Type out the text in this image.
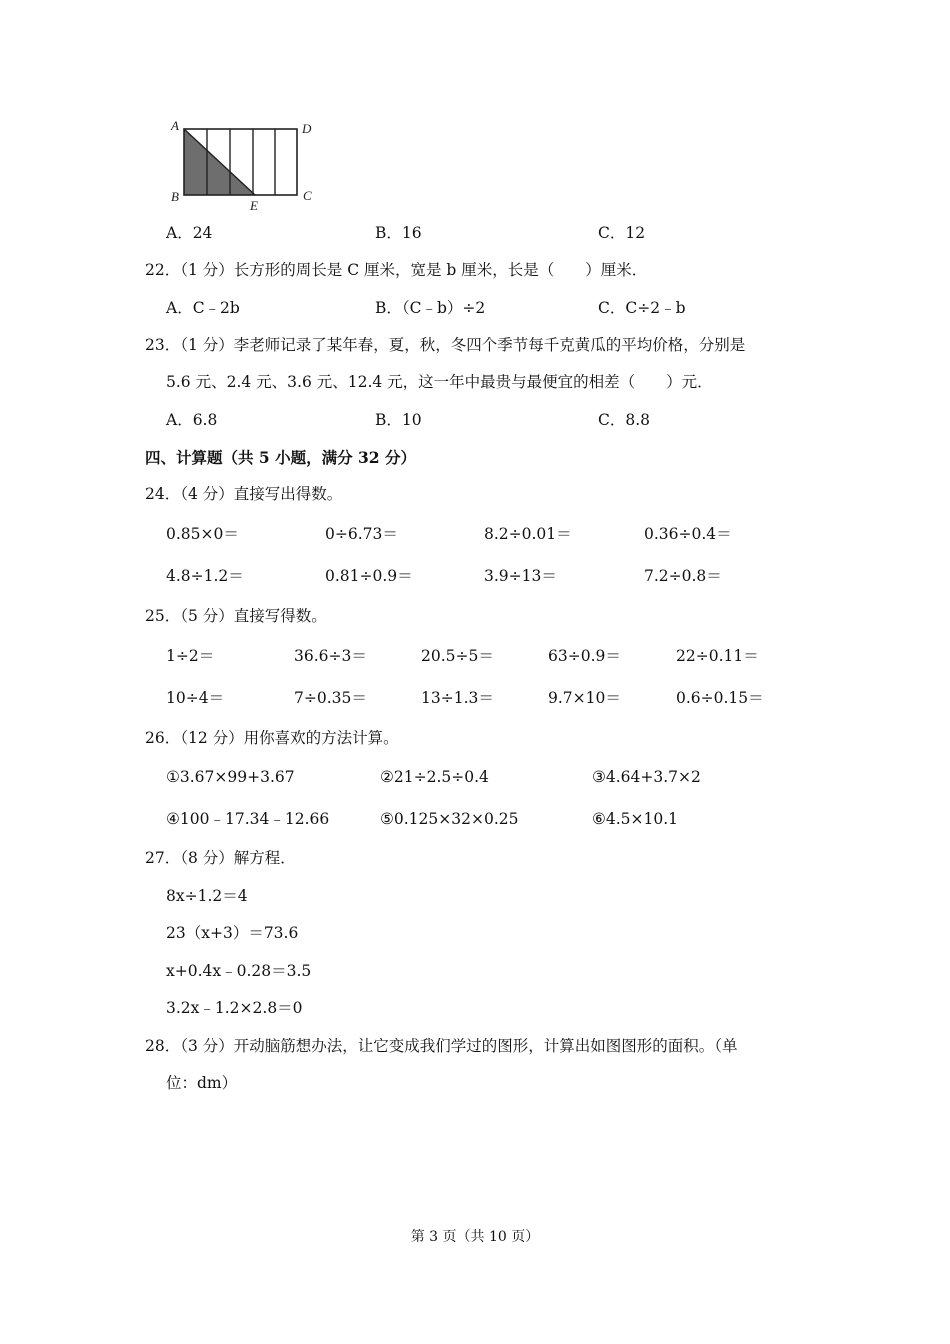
A
B	C
D
E
A．24	B．16	C．12
22．（1 分）长方形的周长是 C 厘米，宽是 b 厘米，长是（　　）厘米．
A．C﹣2b	B．（C﹣b）÷2	C．C÷2﹣b
23．（1 分）李老师记录了某年春，夏，秋，冬四个季节每千克黄瓜的平均价格，分别是
5.6 元、2.4 元、3.6 元、12.4 元，这一年中最贵与最便宜的相差（　　）元．
A．6.8	B．10	C．8.8
四、计算题（共 5 小题，满分 32 分）
24．（4 分）直接写出得数。
0.85×0＝	0÷6.73＝	8.2÷0.01＝	0.36÷0.4＝
4.8÷1.2＝	0.81÷0.9＝	3.9÷13＝	7.2÷0.8＝
25．（5 分）直接写得数。
1÷2＝	36.6÷3＝	20.5÷5＝	63÷0.9＝	22÷0.11＝
10÷4＝	7÷0.35＝	13÷1.3＝	9.7×10＝	0.6÷0.15＝
26．（12 分）用你喜欢的方法计算。
①3.67×99+3.67	②21÷2.5÷0.4	③4.64+3.7×2
④100﹣17.34﹣12.66	⑤0.125×32×0.25	⑥4.5×10.1
27．（8 分）解方程．
8x÷1.2＝4
23（x+3）＝73.6
x+0.4x﹣0.28＝3.5
3.2x﹣1.2×2.8＝0
28．（3 分）开动脑筋想办法，让它变成我们学过的图形，计算出如图图形的面积。（单
位：dm）
第 3 页（共 10 页）
